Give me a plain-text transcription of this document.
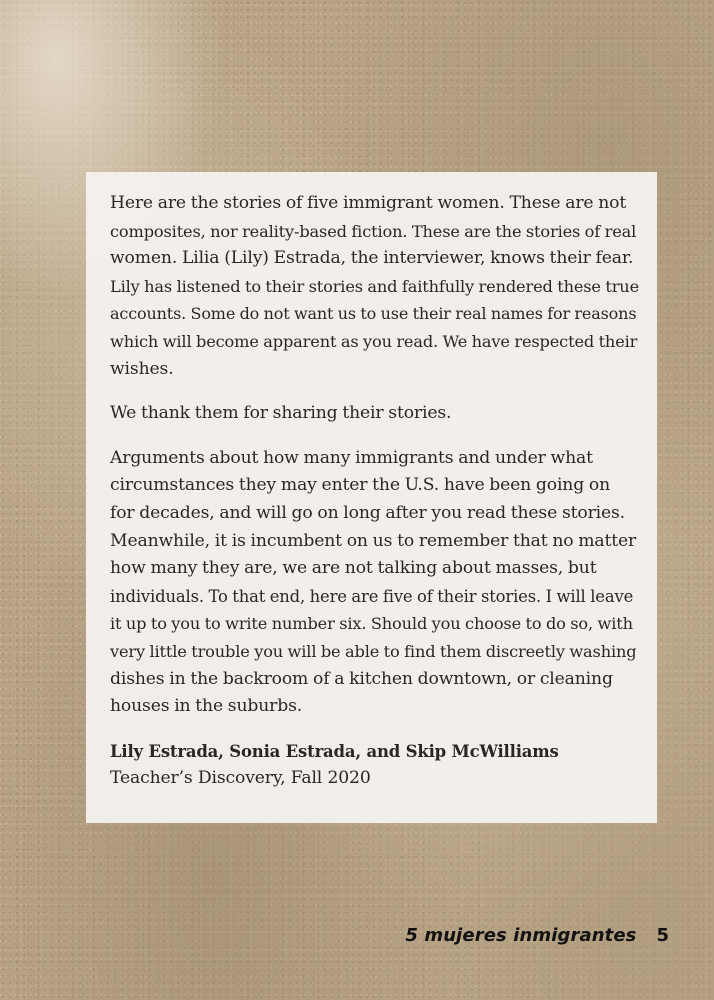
Here are the stories of five immigrant women. These are not
composites, nor reality-based fiction. These are the stories of real
women. Lilia (Lily) Estrada, the interviewer, knows their fear.
Lily has listened to their stories and faithfully rendered these true
accounts. Some do not want us to use their real names for reasons
which will become apparent as you read. We have respected their
wishes.

We thank them for sharing their stories.

Arguments about how many immigrants and under what
circumstances they may enter the U.S. have been going on
for decades, and will go on long after you read these stories.
Meanwhile, it is incumbent on us to remember that no matter
how many they are, we are not talking about masses, but
individuals. To that end, here are five of their stories. I will leave
it up to you to write number six. Should you choose to do so, with
very little trouble you will be able to find them discreetly washing
dishes in the backroom of a kitchen downtown, or cleaning
houses in the suburbs.

Lily Estrada, Sonia Estrada, and Skip McWilliams
Teacher’s Discovery, Fall 2020
5 mujeres inmigrantes 5
